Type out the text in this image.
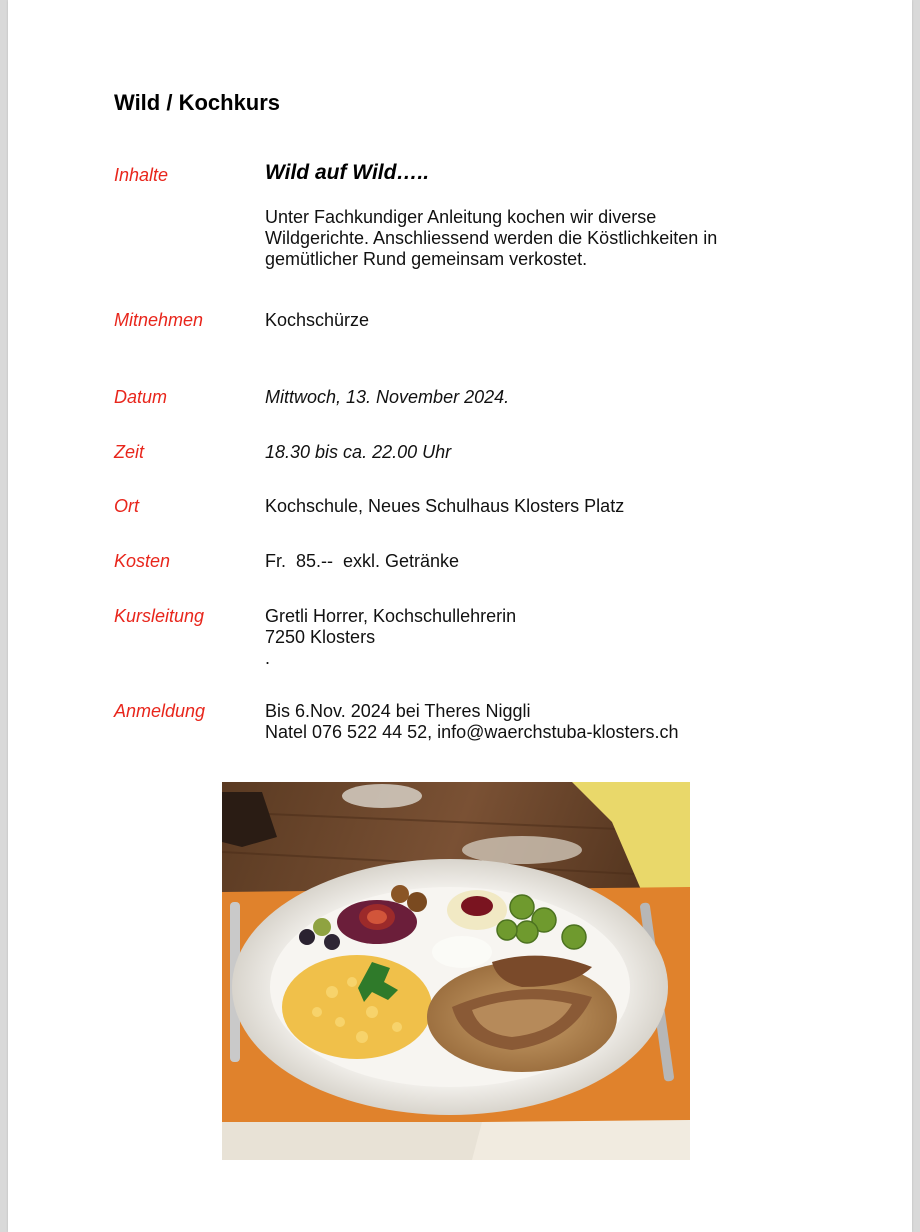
Wild / Kochkurs
Inhalte	Wild auf Wild…..
Unter Fachkundiger Anleitung kochen wir diverse
Wildgerichte. Anschliessend werden die Köstlichkeiten in
gemütlicher Rund gemeinsam verkostet.
Mitnehmen	Kochschürze
Datum	Mittwoch, 13. November 2024.
Zeit	18.30 bis ca. 22.00 Uhr
Ort	Kochschule, Neues Schulhaus Klosters Platz
Kosten	Fr.  85.--  exkl. Getränke
Kursleitung	Gretli Horrer, Kochschullehrerin
7250 Klosters
.
Anmeldung	Bis 6.Nov. 2024 bei Theres Niggli
Natel 076 522 44 52, info@waerchstuba-klosters.ch
